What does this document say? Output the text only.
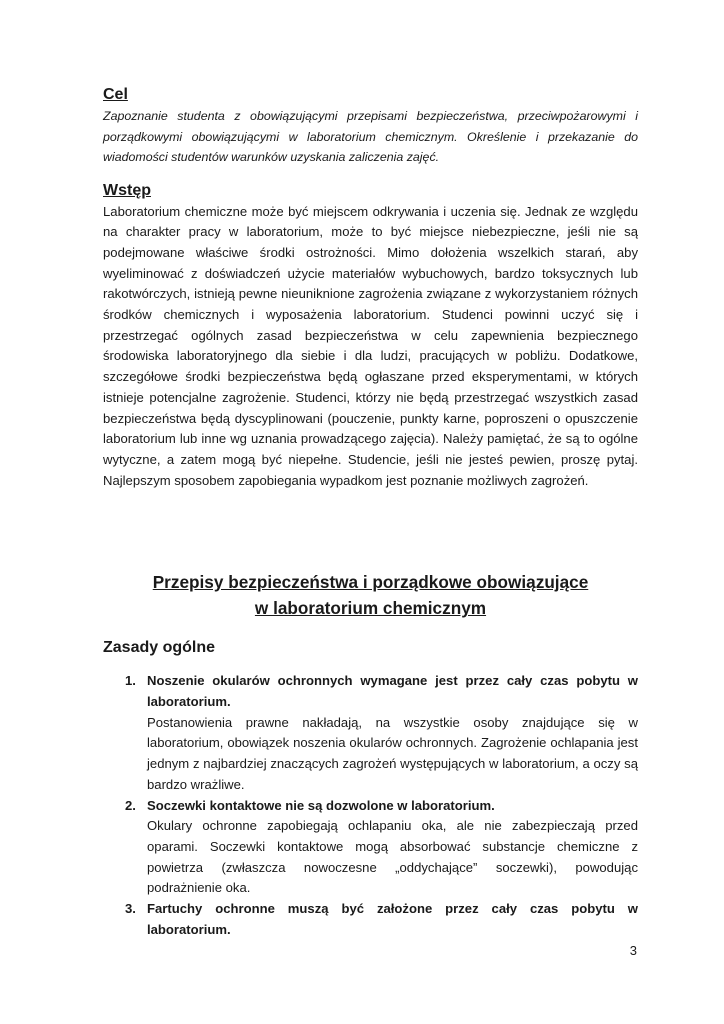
Cel

Zapoznanie studenta z obowiązującymi przepisami bezpieczeństwa, przeciwpożarowymi i porządkowymi obowiązującymi w laboratorium chemicznym. Określenie i przekazanie do wiadomości studentów warunków uzyskania zaliczenia zajęć.

Wstęp

Laboratorium chemiczne może być miejscem odkrywania i uczenia się. Jednak ze względu na charakter pracy w laboratorium, może to być miejsce niebezpieczne, jeśli nie są podejmowane właściwe środki ostrożności. Mimo dołożenia wszelkich starań, aby wyeliminować z doświadczeń użycie materiałów wybuchowych, bardzo toksycznych lub rakotwórczych, istnieją pewne nieuniknione zagrożenia związane z wykorzystaniem różnych środków chemicznych i wyposażenia laboratorium. Studenci powinni uczyć się i przestrzegać ogólnych zasad bezpieczeństwa w celu zapewnienia bezpiecznego środowiska laboratoryjnego dla siebie i dla ludzi, pracujących w pobliżu. Dodatkowe, szczegółowe środki bezpieczeństwa będą ogłaszane przed eksperymentami, w których istnieje potencjalne zagrożenie. Studenci, którzy nie będą przestrzegać wszystkich zasad bezpieczeństwa będą dyscyplinowani (pouczenie, punkty karne, poproszeni o opuszczenie laboratorium lub inne wg uznania prowadzącego zajęcia). Należy pamiętać, że są to ogólne wytyczne, a zatem mogą być niepełne. Studencie, jeśli nie jesteś pewien, proszę pytaj. Najlepszym sposobem zapobiegania wypadkom jest poznanie możliwych zagrożeń.

Przepisy bezpieczeństwa i porządkowe obowiązujące

w laboratorium chemicznym

Zasady ogólne

1. Noszenie okularów ochronnych wymagane jest przez cały czas pobytu w laboratorium.

Postanowienia prawne nakładają, na wszystkie osoby znajdujące się w laboratorium, obowiązek noszenia okularów ochronnych. Zagrożenie ochlapania jest jednym z najbardziej znaczących zagrożeń występujących w laboratorium, a oczy są bardzo wrażliwe.

2. Soczewki kontaktowe nie są dozwolone w laboratorium.

Okulary ochronne zapobiegają ochlapaniu oka, ale nie zabezpieczają przed oparami. Soczewki kontaktowe mogą absorbować substancje chemiczne z powietrza (zwłaszcza nowoczesne „oddychające” soczewki), powodując podrażnienie oka.

3. Fartuchy ochronne muszą być założone przez cały czas pobytu w laboratorium.

3
